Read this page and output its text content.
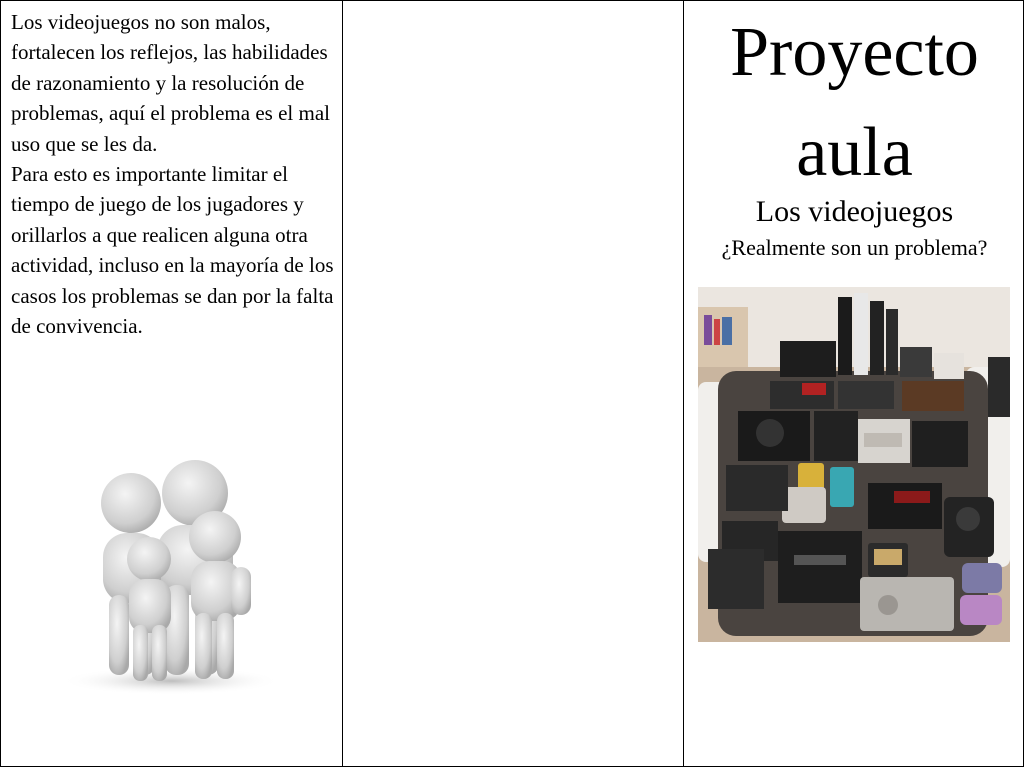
Los videojuegos no son malos, fortalecen los reflejos, las habilidades de razonamiento y la resolución de problemas, aquí el problema es el mal uso que se les da.

Para esto es importante limitar el tiempo de juego de los jugadores y orillarlos a que realicen alguna otra actividad, incluso en la mayoría de los casos los problemas se dan por la falta de convivencia.

Proyecto
aula
Los videojuegos
¿Realmente son un problema?
